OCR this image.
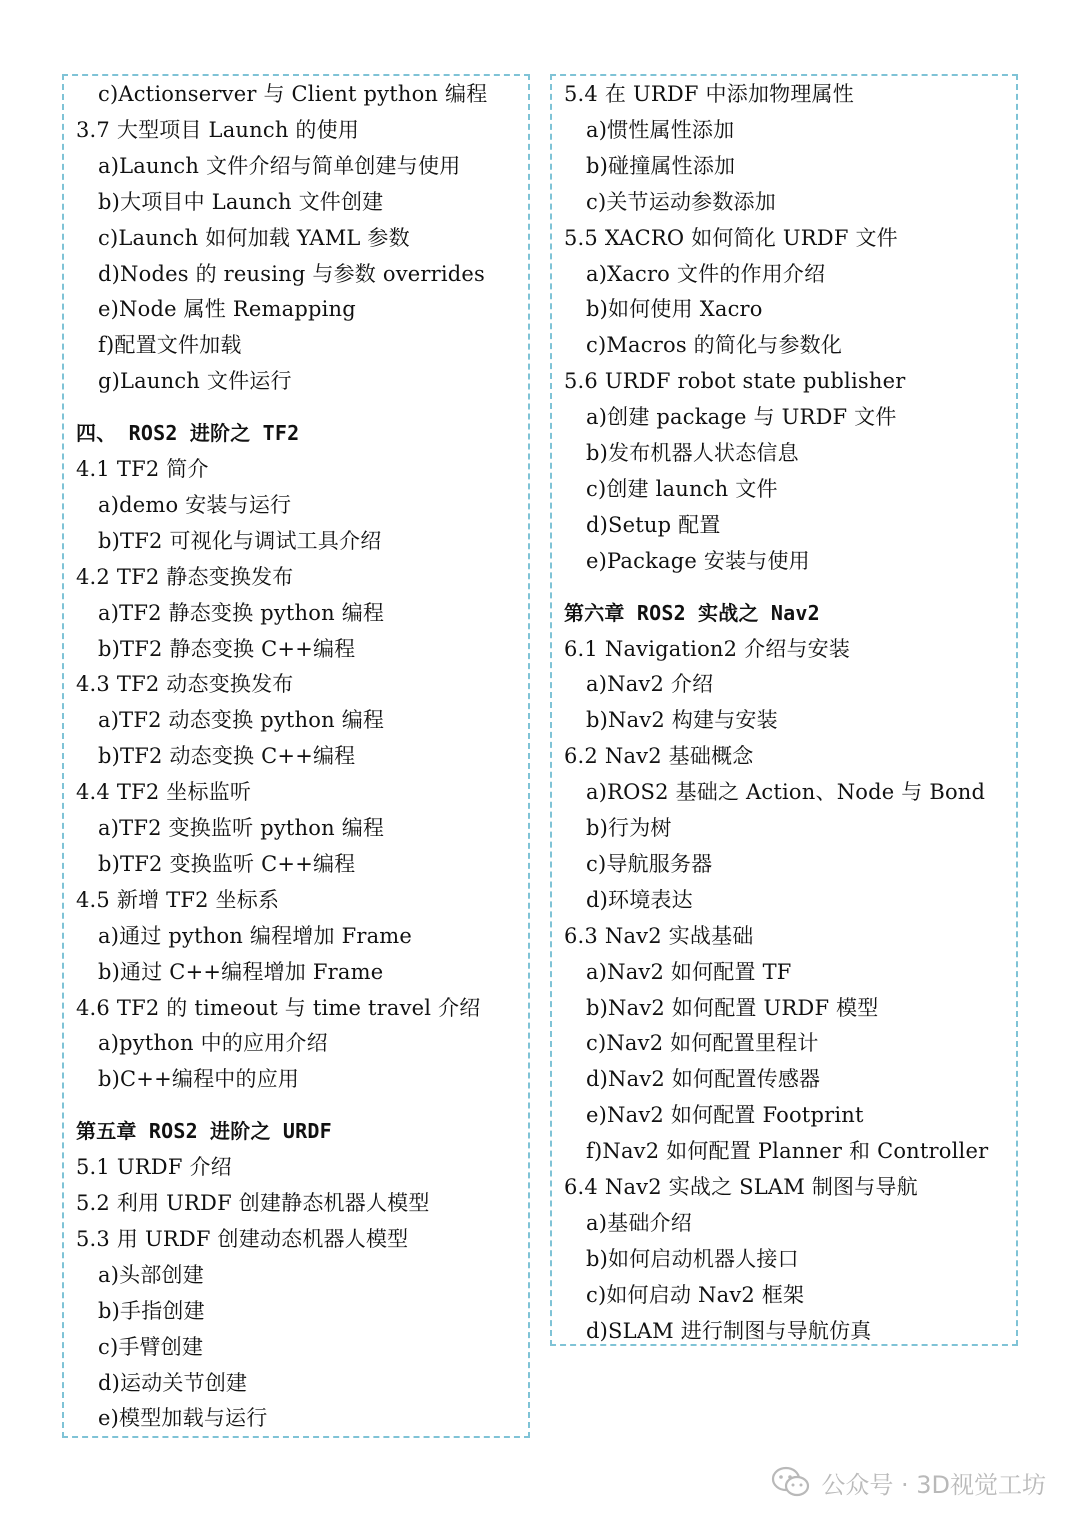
c)Actionserver 与 Client python 编程
3.7 大型项目 Launch 的使用
a)Launch 文件介绍与简单创建与使用
b)大项目中 Launch 文件创建
c)Launch 如何加载 YAML 参数
d)Nodes 的 reusing 与参数 overrides
e)Node 属性 Remapping
f)配置文件加载
g)Launch 文件运行
四、 ROS2 进阶之 TF2
4.1 TF2 简介
a)demo 安装与运行
b)TF2 可视化与调试工具介绍
4.2 TF2 静态变换发布
a)TF2 静态变换 python 编程
b)TF2 静态变换 C++编程
4.3 TF2 动态变换发布
a)TF2 动态变换 python 编程
b)TF2 动态变换 C++编程
4.4 TF2 坐标监听
a)TF2 变换监听 python 编程
b)TF2 变换监听 C++编程
4.5 新增 TF2 坐标系
a)通过 python 编程增加 Frame
b)通过 C++编程增加 Frame
4.6 TF2 的 timeout 与 time travel 介绍
a)python 中的应用介绍
b)C++编程中的应用
第五章 ROS2 进阶之 URDF
5.1 URDF 介绍
5.2 利用 URDF 创建静态机器人模型
5.3 用 URDF 创建动态机器人模型
a)头部创建
b)手指创建
c)手臂创建
d)运动关节创建
e)模型加载与运行
5.4 在 URDF 中添加物理属性
a)惯性属性添加
b)碰撞属性添加
c)关节运动参数添加
5.5 XACRO 如何简化 URDF 文件
a)Xacro 文件的作用介绍
b)如何使用 Xacro
c)Macros 的简化与参数化
5.6 URDF robot state publisher
a)创建 package 与 URDF 文件
b)发布机器人状态信息
c)创建 launch 文件
d)Setup 配置
e)Package 安装与使用
第六章 ROS2 实战之 Nav2
6.1 Navigation2 介绍与安装
a)Nav2 介绍
b)Nav2 构建与安装
6.2 Nav2 基础概念
a)ROS2 基础之 Action、Node 与 Bond
b)行为树
c)导航服务器
d)环境表达
6.3 Nav2 实战基础
a)Nav2 如何配置 TF
b)Nav2 如何配置 URDF 模型
c)Nav2 如何配置里程计
d)Nav2 如何配置传感器
e)Nav2 如何配置 Footprint
f)Nav2 如何配置 Planner 和 Controller
6.4 Nav2 实战之 SLAM 制图与导航
a)基础介绍
b)如何启动机器人接口
c)如何启动 Nav2 框架
d)SLAM 进行制图与导航仿真
公众号 · 3D视觉工坊
